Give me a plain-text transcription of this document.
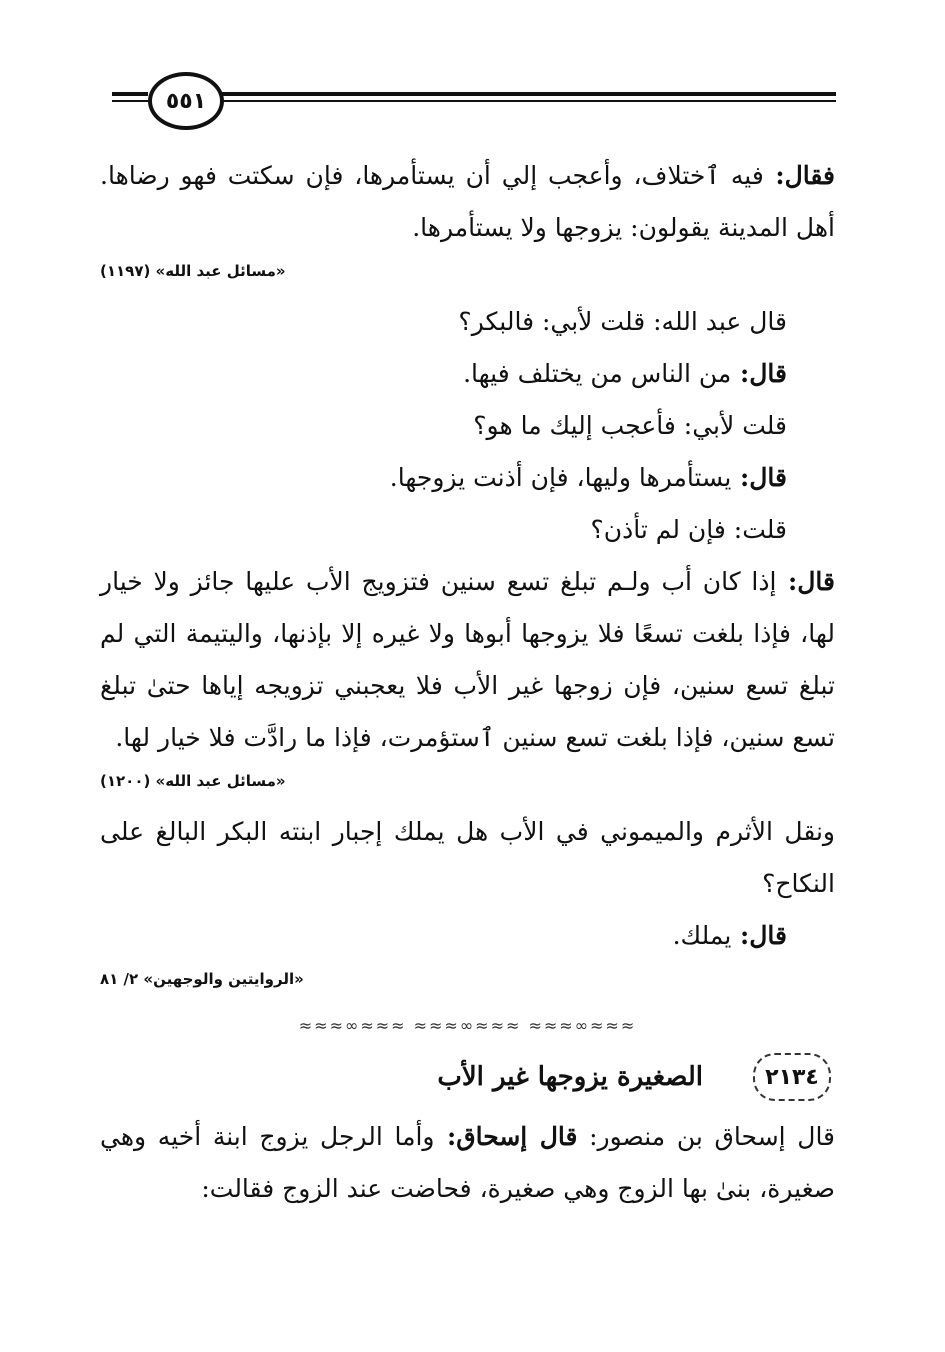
٥٥١

فقال: فيه ٱختلاف، وأعجب إلي أن يستأمرها، فإن سكتت فهو رضاها. أهل المدينة يقولون: يزوجها ولا يستأمرها.

«مسائل عبد الله» (١١٩٧)

قال عبد الله: قلت لأبي: فالبكر؟

قال: من الناس من يختلف فيها.

قلت لأبي: فأعجب إليك ما هو؟

قال: يستأمرها وليها، فإن أذنت يزوجها.

قلت: فإن لم تأذن؟

قال: إذا كان أب ولـم تبلغ تسع سنين فتزويج الأب عليها جائز ولا خيار لها، فإذا بلغت تسعًا فلا يزوجها أبوها ولا غيره إلا بإذنها، واليتيمة التي لم تبلغ تسع سنين، فإن زوجها غير الأب فلا يعجبني تزويجه إياها حتىٰ تبلغ تسع سنين، فإذا بلغت تسع سنين ٱستؤمرت، فإذا ما رادَّت فلا خيار لها.

«مسائل عبد الله» (١٢٠٠)

ونقل الأثرم والميموني في الأب هل يملك إجبار ابنته البكر البالغ على النكاح؟

قال: يملك.

«الروايتين والوجهين» ٢/ ٨١

≈≈≈∞≈≈≈ ≈≈≈∞≈≈≈ ≈≈≈∞≈≈≈
٢١٣٤
الصغيرة يزوجها غير الأب

قال إسحاق بن منصور: قال إسحاق: وأما الرجل يزوج ابنة أخيه وهي صغيرة، بنىٰ بها الزوج وهي صغيرة، فحاضت عند الزوج فقالت:
